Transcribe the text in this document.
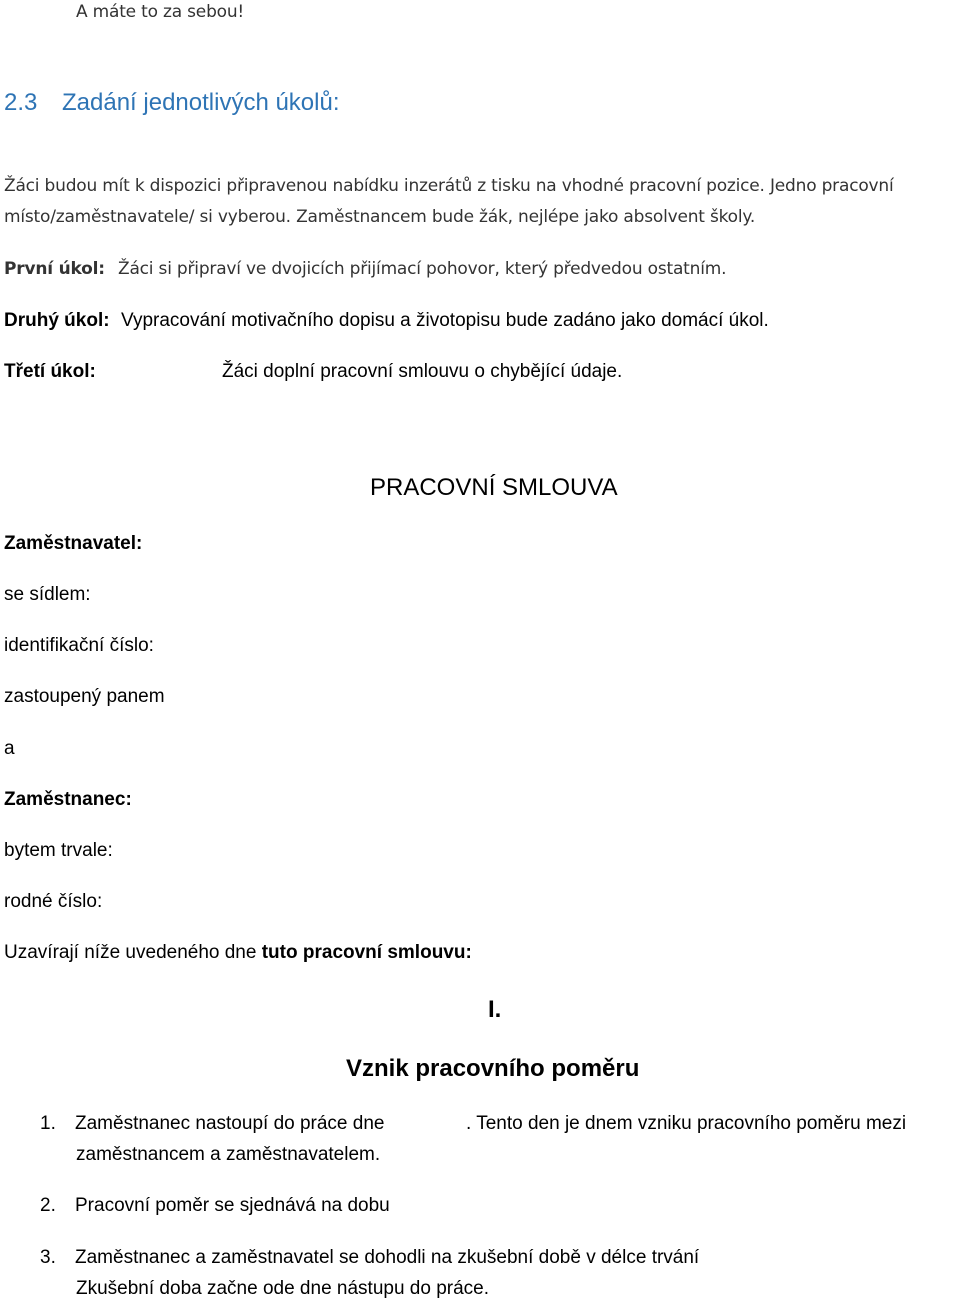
A máte to za sebou!
2.3 Zadání jednotlivých úkolů:
Žáci budou mít k dispozici připravenou nabídku inzerátů z tisku na vhodné pracovní pozice. Jedno pracovní
místo/zaměstnavatele/ si vyberou. Zaměstnancem bude žák, nejlépe jako absolvent školy.
První úkol: Žáci si připraví ve dvojicích přijímací pohovor, který předvedou ostatním.
Druhý úkol: Vypracování motivačního dopisu a životopisu bude zadáno jako domácí úkol.
Třetí úkol:	Žáci doplní pracovní smlouvu o chybějící údaje.
PRACOVNÍ SMLOUVA
Zaměstnavatel:
se sídlem:
identifikační číslo:
zastoupený panem
a
Zaměstnanec:
bytem trvale:
rodné číslo:
Uzavírají níže uvedeného dne tuto pracovní smlouvu:
I.
Vznik pracovního poměru
1. Zaměstnanec nastoupí do práce dne	. Tento den je dnem vzniku pracovního poměru mezi
zaměstnancem a zaměstnavatelem.
2. Pracovní poměr se sjednává na dobu
3. Zaměstnanec a zaměstnavatel se dohodli na zkušební době v délce trvání
Zkušební doba začne ode dne nástupu do práce.
